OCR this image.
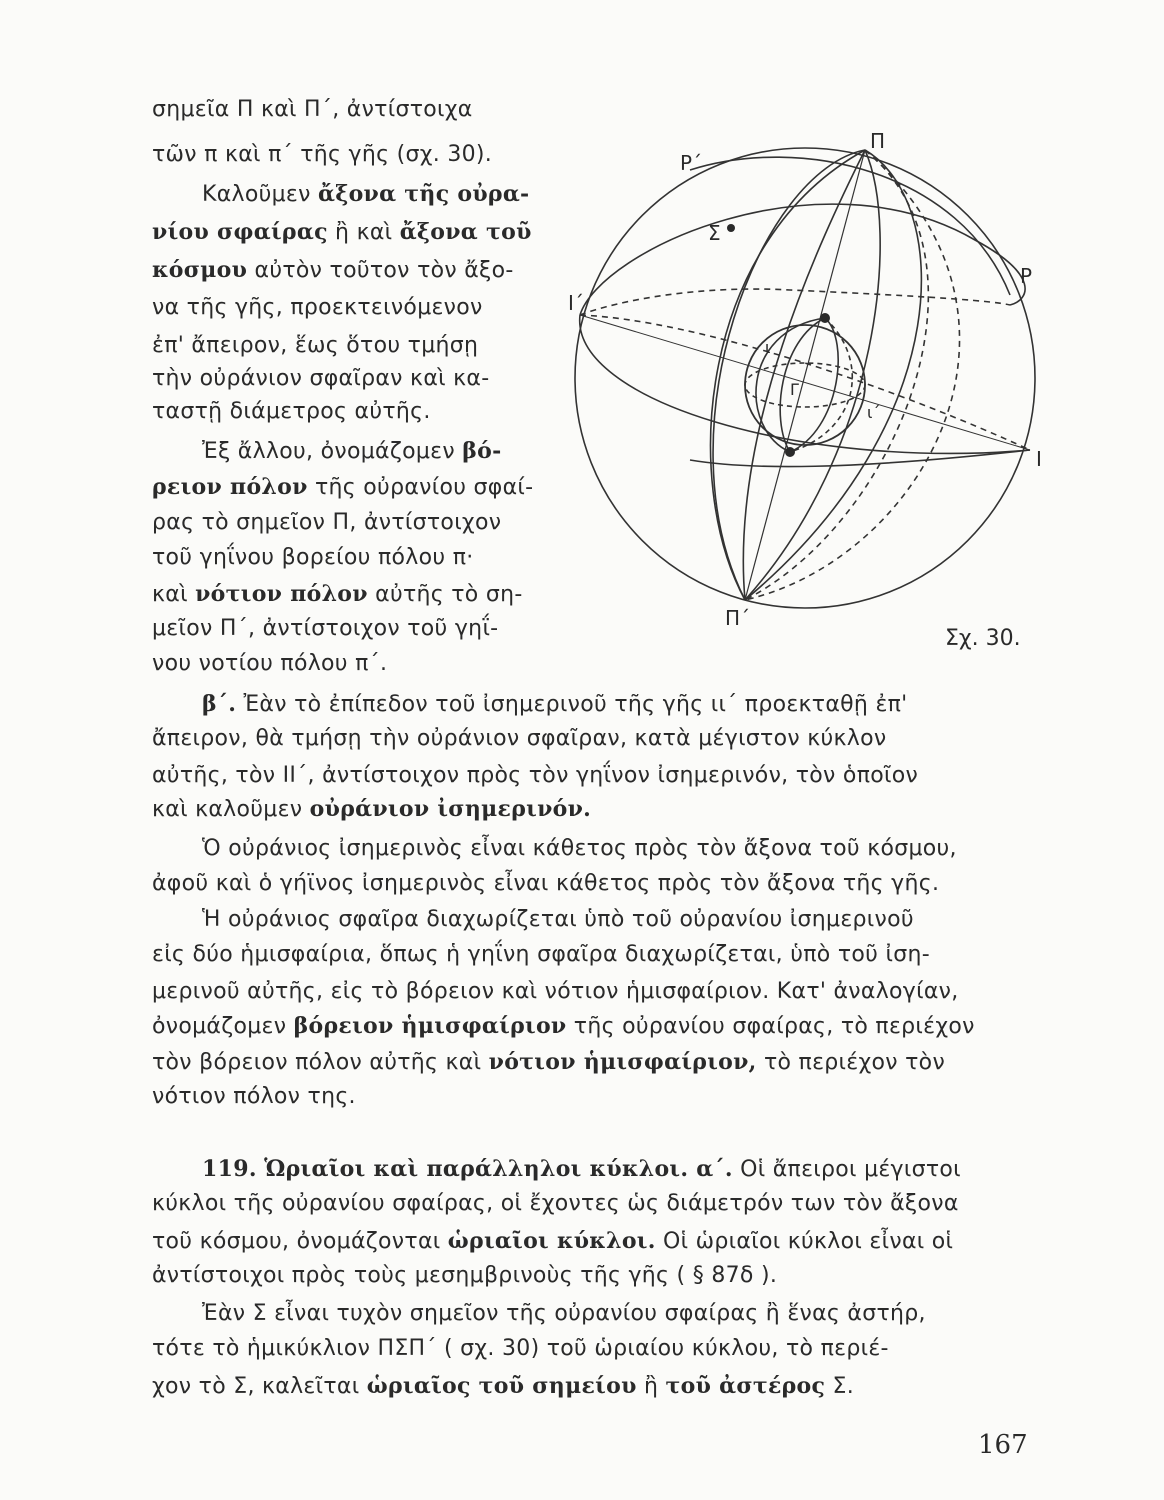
σημεῖα Π καὶ Π΄, ἀντίστοιχα
τῶν π καὶ π΄ τῆς γῆς (σχ. 30).
Καλοῦμεν ἄξονα τῆς οὐρα-
νίου σφαίρας ἢ καὶ ἄξονα τοῦ
κόσμου αὐτὸν τοῦτον τὸν ἄξο-
να τῆς γῆς, προεκτεινόμενον
ἐπ' ἄπειρον, ἕως ὅτου τμήσῃ
τὴν οὐράνιον σφαῖραν καὶ κα-
ταστῇ διάμετρος αὐτῆς.
Ἐξ ἄλλου, ὀνομάζομεν βό-
ρειον πόλον τῆς οὐρανίου σφαί-
ρας τὸ σημεῖον Π, ἀντίστοιχον
τοῦ γηΐνου βορείου πόλου π·
καὶ νότιον πόλον αὐτῆς τὸ ση-
μεῖον Π΄, ἀντίστοιχον τοῦ γηΐ-
νου νοτίου πόλου π΄.
Π
Ρ΄
Σ
Ρ
Ι΄
ι
Γ
ι΄
Ι
Π΄
Σχ. 30.
β΄. Ἐὰν τὸ ἐπίπεδον τοῦ ἰσημερινοῦ τῆς γῆς ιι΄ προεκταθῇ ἐπ'
ἄπειρον, θὰ τμήσῃ τὴν οὐράνιον σφαῖραν, κατὰ μέγιστον κύκλον
αὐτῆς, τὸν ΙΙ΄, ἀντίστοιχον πρὸς τὸν γηΐνον ἰσημερινόν, τὸν ὁποῖον
καὶ καλοῦμεν οὐράνιον ἰσημερινόν.
Ὁ οὐράνιος ἰσημερινὸς εἶναι κάθετος πρὸς τὸν ἄξονα τοῦ κόσμου,
ἀφοῦ καὶ ὁ γήϊνος ἰσημερινὸς εἶναι κάθετος πρὸς τὸν ἄξονα τῆς γῆς.
Ἡ οὐράνιος σφαῖρα διαχωρίζεται ὑπὸ τοῦ οὐρανίου ἰσημερινοῦ
εἰς δύο ἡμισφαίρια, ὅπως ἡ γηΐνη σφαῖρα διαχωρίζεται, ὑπὸ τοῦ ἰση-
μερινοῦ αὐτῆς, εἰς τὸ βόρειον καὶ νότιον ἡμισφαίριον. Κατ' ἀναλογίαν,
ὀνομάζομεν βόρειον ἡμισφαίριον τῆς οὐρανίου σφαίρας, τὸ περιέχον
τὸν βόρειον πόλον αὐτῆς καὶ νότιον ἡμισφαίριον, τὸ περιέχον τὸν
νότιον πόλον της.
119. Ὡριαῖοι καὶ παράλληλοι κύκλοι. α΄. Οἱ ἄπειροι μέγιστοι
κύκλοι τῆς οὐρανίου σφαίρας, οἱ ἔχοντες ὡς διάμετρόν των τὸν ἄξονα
τοῦ κόσμου, ὀνομάζονται ὡριαῖοι κύκλοι. Οἱ ὡριαῖοι κύκλοι εἶναι οἱ
ἀντίστοιχοι πρὸς τοὺς μεσημβρινοὺς τῆς γῆς ( § 87δ ).
Ἐὰν Σ εἶναι τυχὸν σημεῖον τῆς οὐρανίου σφαίρας ἢ ἕνας ἀστήρ,
τότε τὸ ἡμικύκλιον ΠΣΠ΄ ( σχ. 30) τοῦ ὡριαίου κύκλου, τὸ περιέ-
χον τὸ Σ, καλεῖται ὡριαῖος τοῦ σημείου ἢ τοῦ ἀστέρος Σ.
167
